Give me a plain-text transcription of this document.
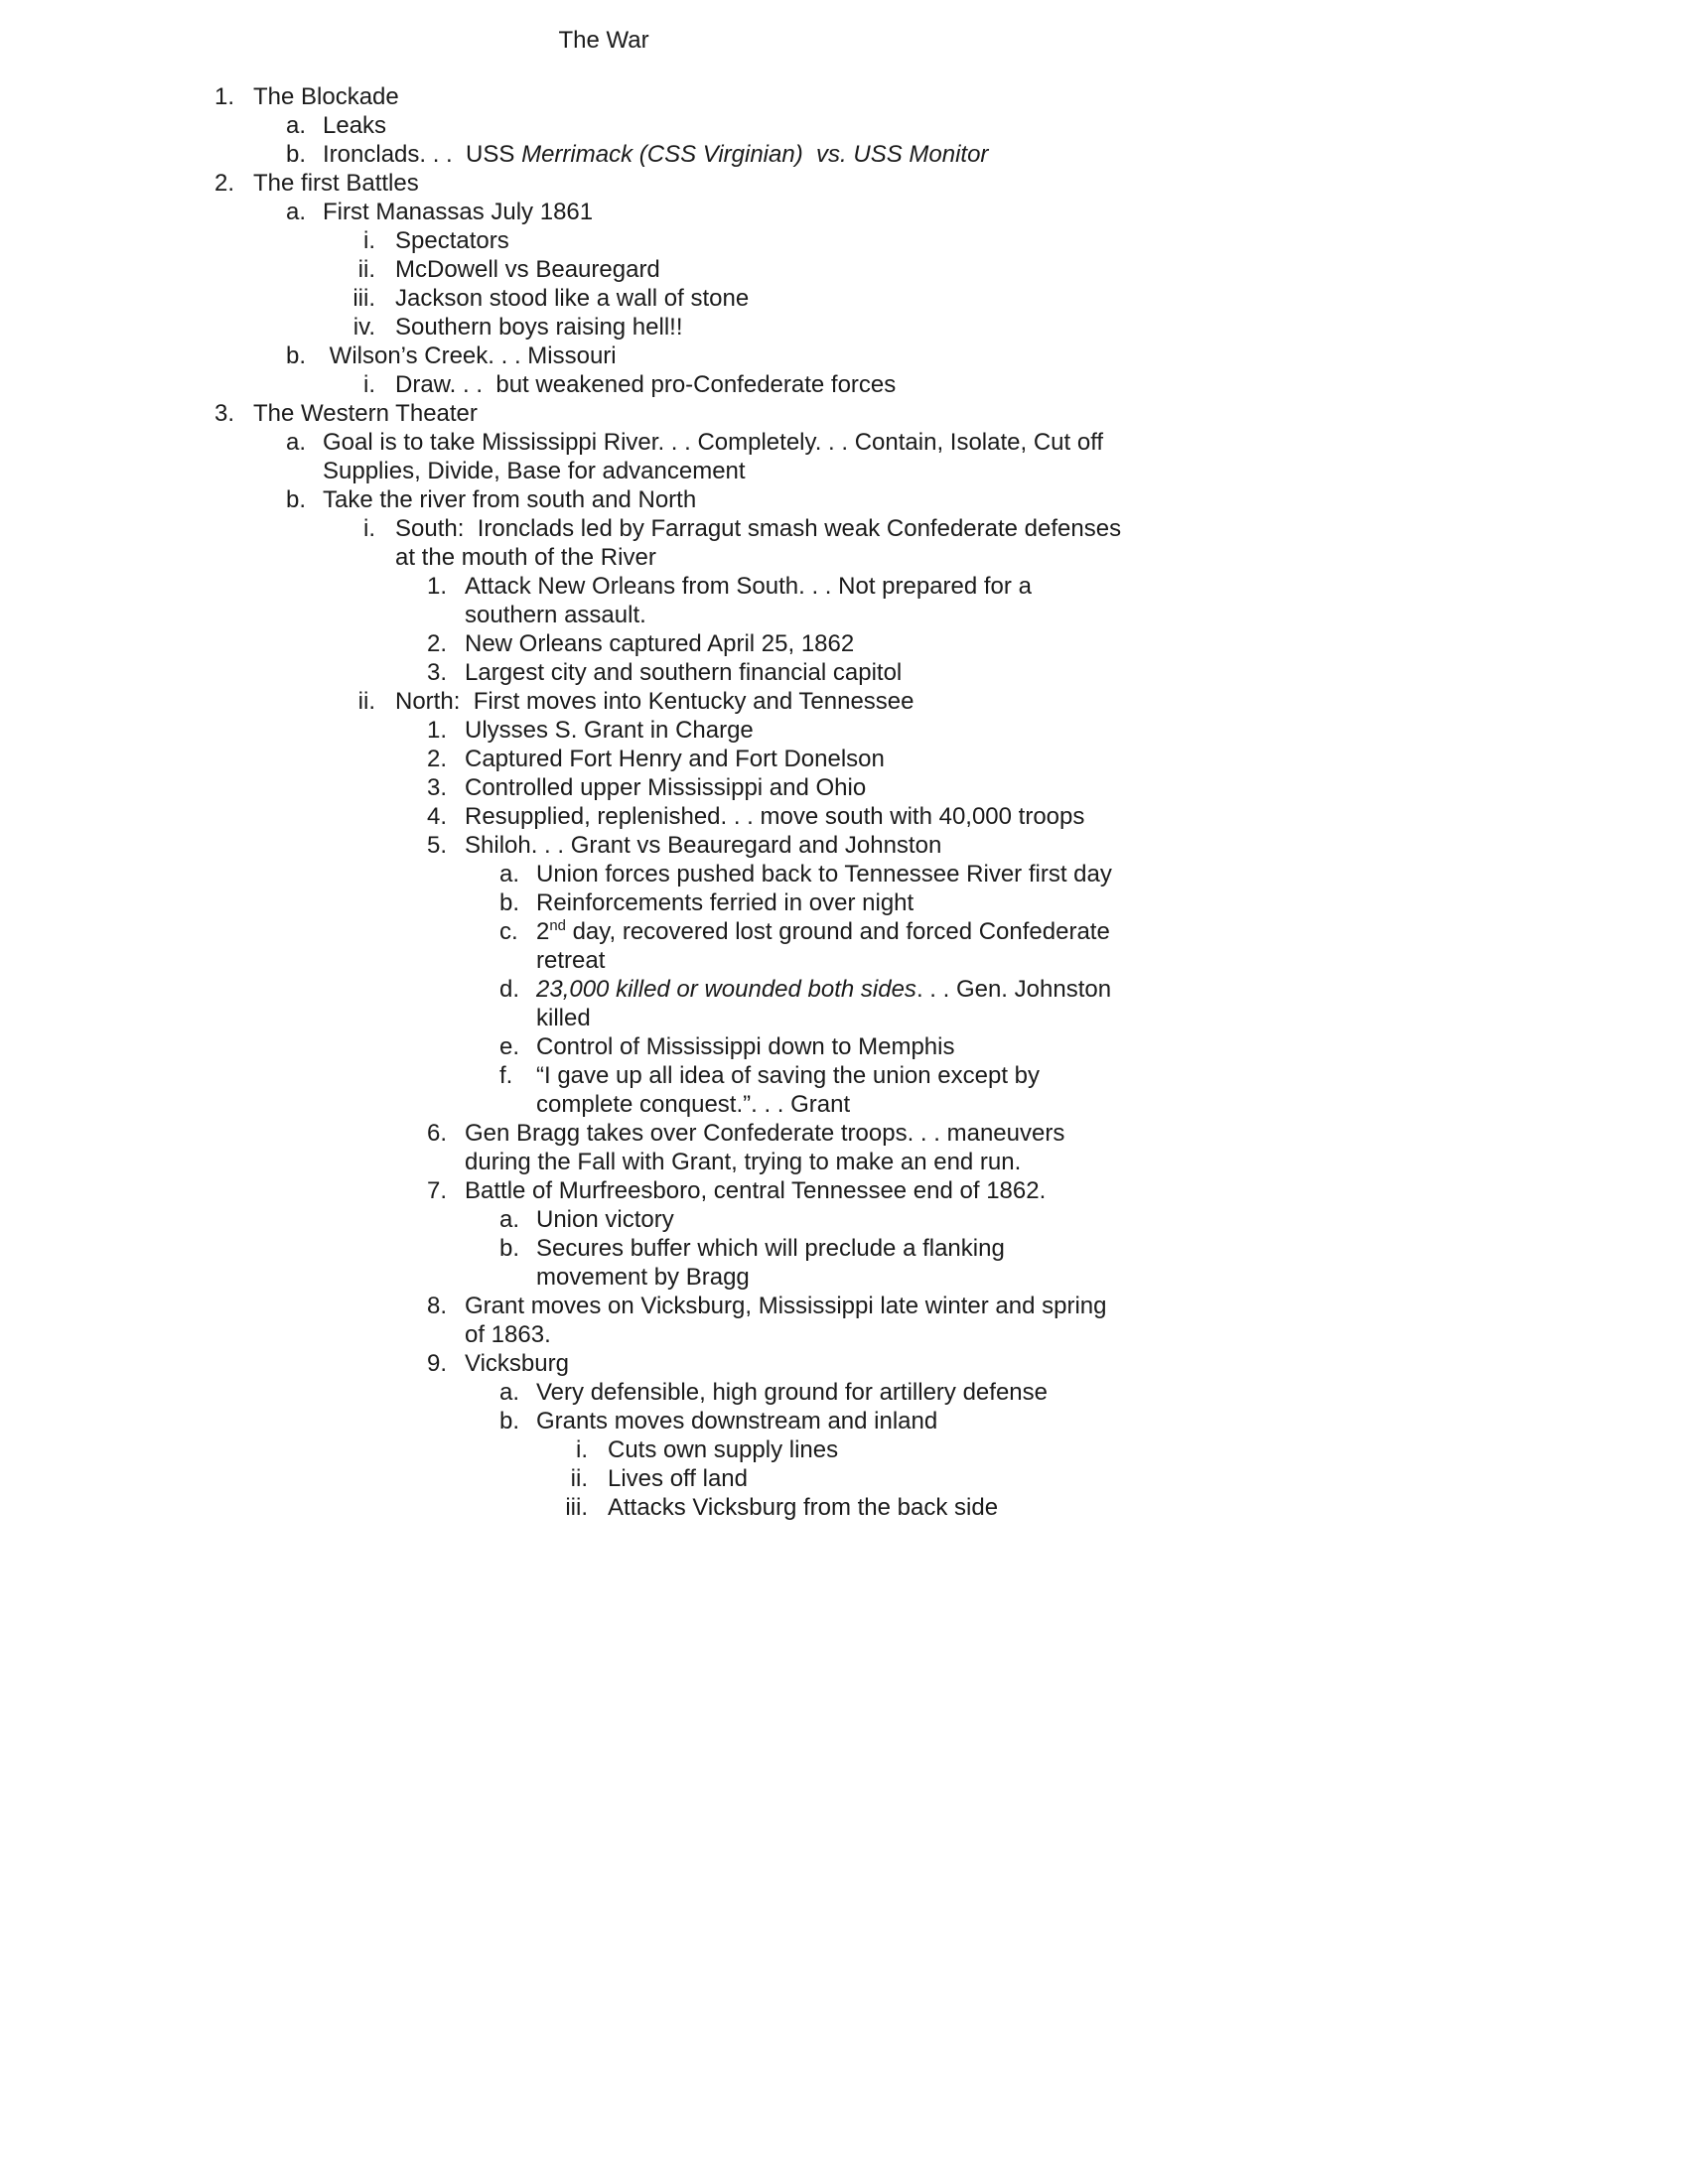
The War
1. The Blockade
a. Leaks
b. Ironclads. . .  USS Merrimack (CSS Virginian)  vs. USS Monitor
2. The first Battles
a. First Manassas July 1861
i. Spectators
ii. McDowell vs Beauregard
iii. Jackson stood like a wall of stone
iv. Southern boys raising hell!!
b. Wilson’s Creek. . . Missouri
i. Draw. . .  but weakened pro-Confederate forces
3. The Western Theater
a. Goal is to take Mississippi River. . . Completely. . . Contain, Isolate, Cut off
Supplies, Divide, Base for advancement
b. Take the river from south and North
i. South:  Ironclads led by Farragut smash weak Confederate defenses
at the mouth of the River
1. Attack New Orleans from South. . . Not prepared for a
southern assault.
2. New Orleans captured April 25, 1862
3. Largest city and southern financial capitol
ii. North:  First moves into Kentucky and Tennessee
1. Ulysses S. Grant in Charge
2. Captured Fort Henry and Fort Donelson
3. Controlled upper Mississippi and Ohio
4. Resupplied, replenished. . . move south with 40,000 troops
5. Shiloh. . . Grant vs Beauregard and Johnston
a. Union forces pushed back to Tennessee River first day
b. Reinforcements ferried in over night
c. 2nd day, recovered lost ground and forced Confederate
retreat
d. 23,000 killed or wounded both sides. . . Gen. Johnston
killed
e. Control of Mississippi down to Memphis
f. “I gave up all idea of saving the union except by
complete conquest.”. . . Grant
6. Gen Bragg takes over Confederate troops. . . maneuvers
during the Fall with Grant, trying to make an end run.
7. Battle of Murfreesboro, central Tennessee end of 1862.
a. Union victory
b. Secures buffer which will preclude a flanking
movement by Bragg
8. Grant moves on Vicksburg, Mississippi late winter and spring
of 1863.
9. Vicksburg
a. Very defensible, high ground for artillery defense
b. Grants moves downstream and inland
i. Cuts own supply lines
ii. Lives off land
iii. Attacks Vicksburg from the back side
